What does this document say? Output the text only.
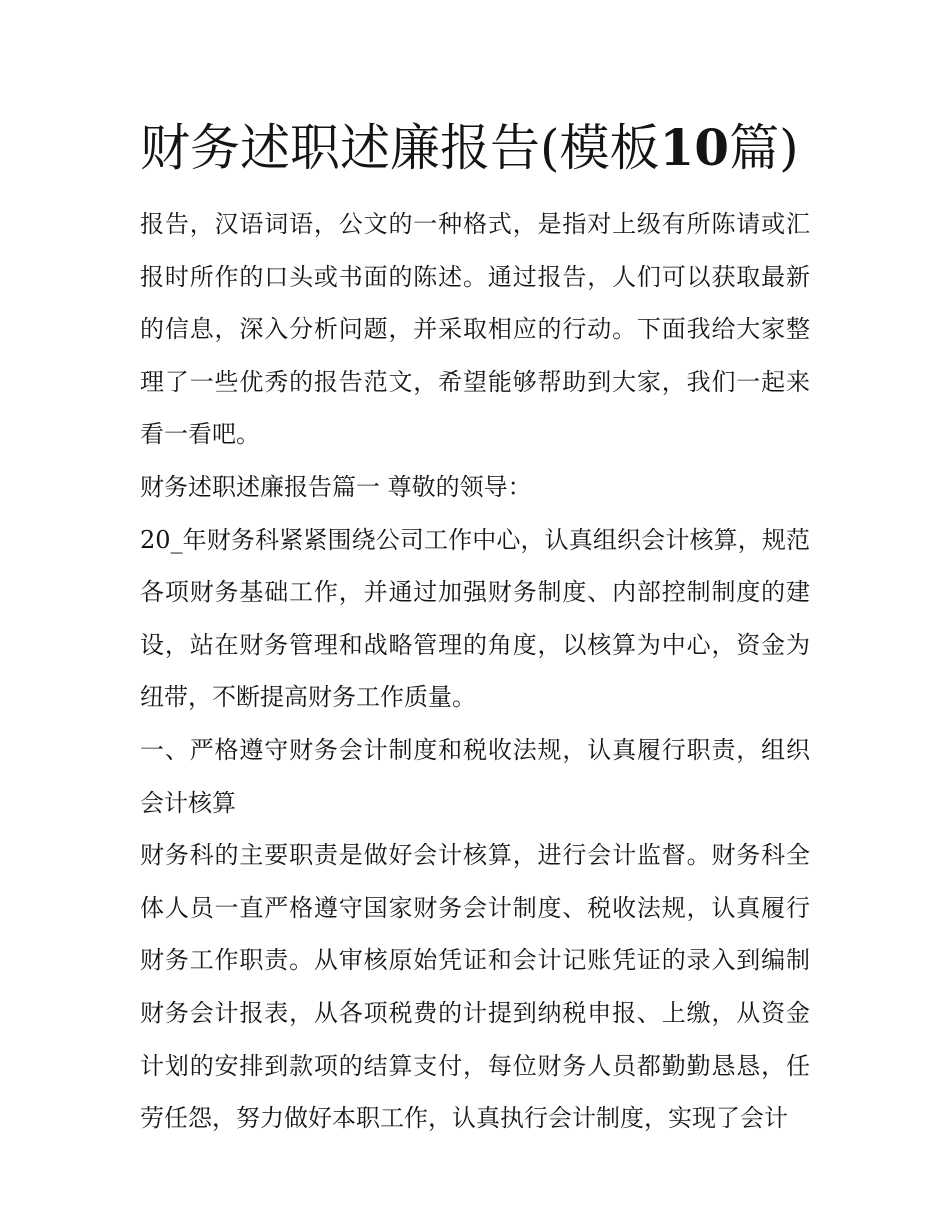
财务述职述廉报告(模板10篇)

报告，汉语词语，公文的一种格式，是指对上级有所陈请或汇报时所作的口头或书面的陈述。通过报告，人们可以获取最新的信息，深入分析问题，并采取相应的行动。下面我给大家整理了一些优秀的报告范文，希望能够帮助到大家，我们一起来看一看吧。

财务述职述廉报告篇一 尊敬的领导：

20_年财务科紧紧围绕公司工作中心，认真组织会计核算，规范各项财务基础工作，并通过加强财务制度、内部控制制度的建设，站在财务管理和战略管理的角度，以核算为中心，资金为纽带，不断提高财务工作质量。

一、严格遵守财务会计制度和税收法规，认真履行职责，组织会计核算

财务科的主要职责是做好会计核算，进行会计监督。财务科全体人员一直严格遵守国家财务会计制度、税收法规，认真履行财务工作职责。从审核原始凭证和会计记账凭证的录入到编制财务会计报表，从各项税费的计提到纳税申报、上缴，从资金计划的安排到款项的结算支付，每位财务人员都勤勤恳恳，任劳任怨，努力做好本职工作，认真执行会计制度，实现了会计
